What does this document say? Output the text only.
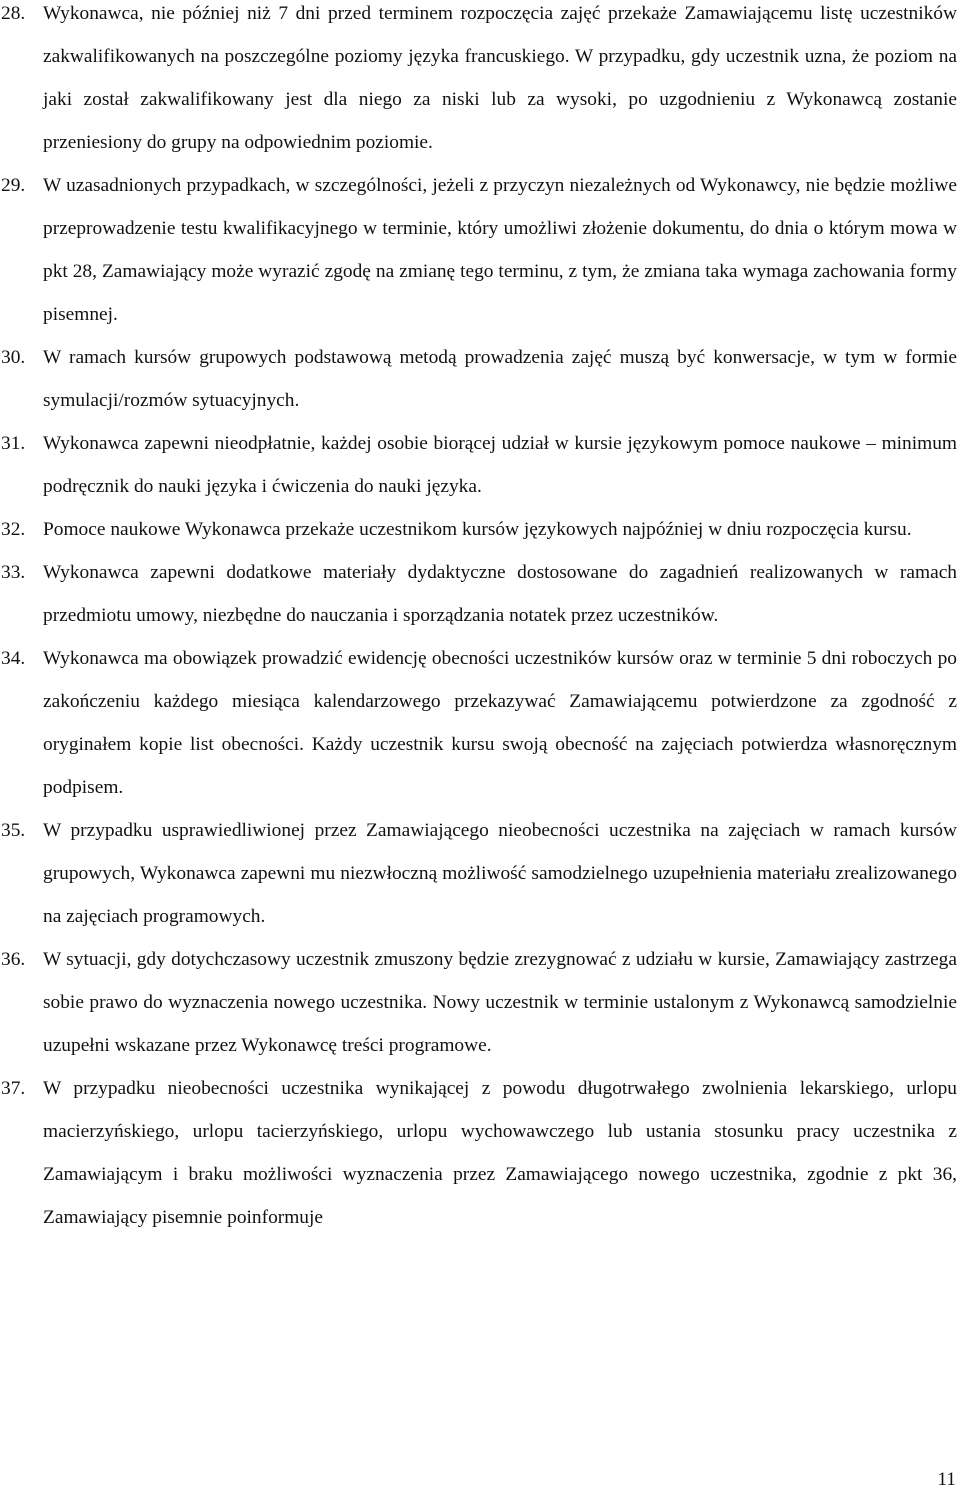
28. Wykonawca, nie później niż 7 dni przed terminem rozpoczęcia zajęć przekaże Zamawiającemu listę uczestników zakwalifikowanych na poszczególne poziomy języka francuskiego. W przypadku, gdy uczestnik uzna, że poziom na jaki został zakwalifikowany jest dla niego za niski lub za wysoki, po uzgodnieniu z Wykonawcą zostanie przeniesiony do grupy na odpowiednim poziomie.
29. W uzasadnionych przypadkach, w szczególności, jeżeli z przyczyn niezależnych od Wykonawcy, nie będzie możliwe przeprowadzenie testu kwalifikacyjnego w terminie, który umożliwi złożenie dokumentu, do dnia o którym mowa w pkt 28, Zamawiający może wyrazić zgodę na zmianę tego terminu, z tym, że zmiana taka wymaga zachowania formy pisemnej.
30. W ramach kursów grupowych podstawową metodą prowadzenia zajęć muszą być konwersacje, w tym w formie symulacji/rozmów sytuacyjnych.
31. Wykonawca zapewni nieodpłatnie, każdej osobie biorącej udział w kursie językowym pomoce naukowe – minimum podręcznik do nauki języka i ćwiczenia do nauki języka.
32. Pomoce naukowe Wykonawca przekaże uczestnikom kursów językowych najpóźniej w dniu rozpoczęcia kursu.
33. Wykonawca zapewni dodatkowe materiały dydaktyczne dostosowane do zagadnień realizowanych w ramach przedmiotu umowy, niezbędne do nauczania i sporządzania notatek przez uczestników.
34. Wykonawca ma obowiązek prowadzić ewidencję obecności uczestników kursów oraz w terminie 5 dni roboczych po zakończeniu każdego miesiąca kalendarzowego przekazywać Zamawiającemu potwierdzone za zgodność z oryginałem kopie list obecności. Każdy uczestnik kursu swoją obecność na zajęciach potwierdza własnoręcznym podpisem.
35. W przypadku usprawiedliwionej przez Zamawiającego nieobecności uczestnika na zajęciach w ramach kursów grupowych, Wykonawca zapewni mu niezwłoczną możliwość samodzielnego uzupełnienia materiału zrealizowanego na zajęciach programowych.
36. W sytuacji, gdy dotychczasowy uczestnik zmuszony będzie zrezygnować z udziału w kursie, Zamawiający zastrzega sobie prawo do wyznaczenia nowego uczestnika. Nowy uczestnik w terminie ustalonym z Wykonawcą samodzielnie uzupełni wskazane przez Wykonawcę treści programowe.
37. W przypadku nieobecności uczestnika wynikającej z powodu długotrwałego zwolnienia lekarskiego, urlopu macierzyńskiego, urlopu tacierzyńskiego, urlopu wychowawczego lub ustania stosunku pracy uczestnika z Zamawiającym i braku możliwości wyznaczenia przez Zamawiającego nowego uczestnika, zgodnie z pkt 36, Zamawiający pisemnie poinformuje
11
